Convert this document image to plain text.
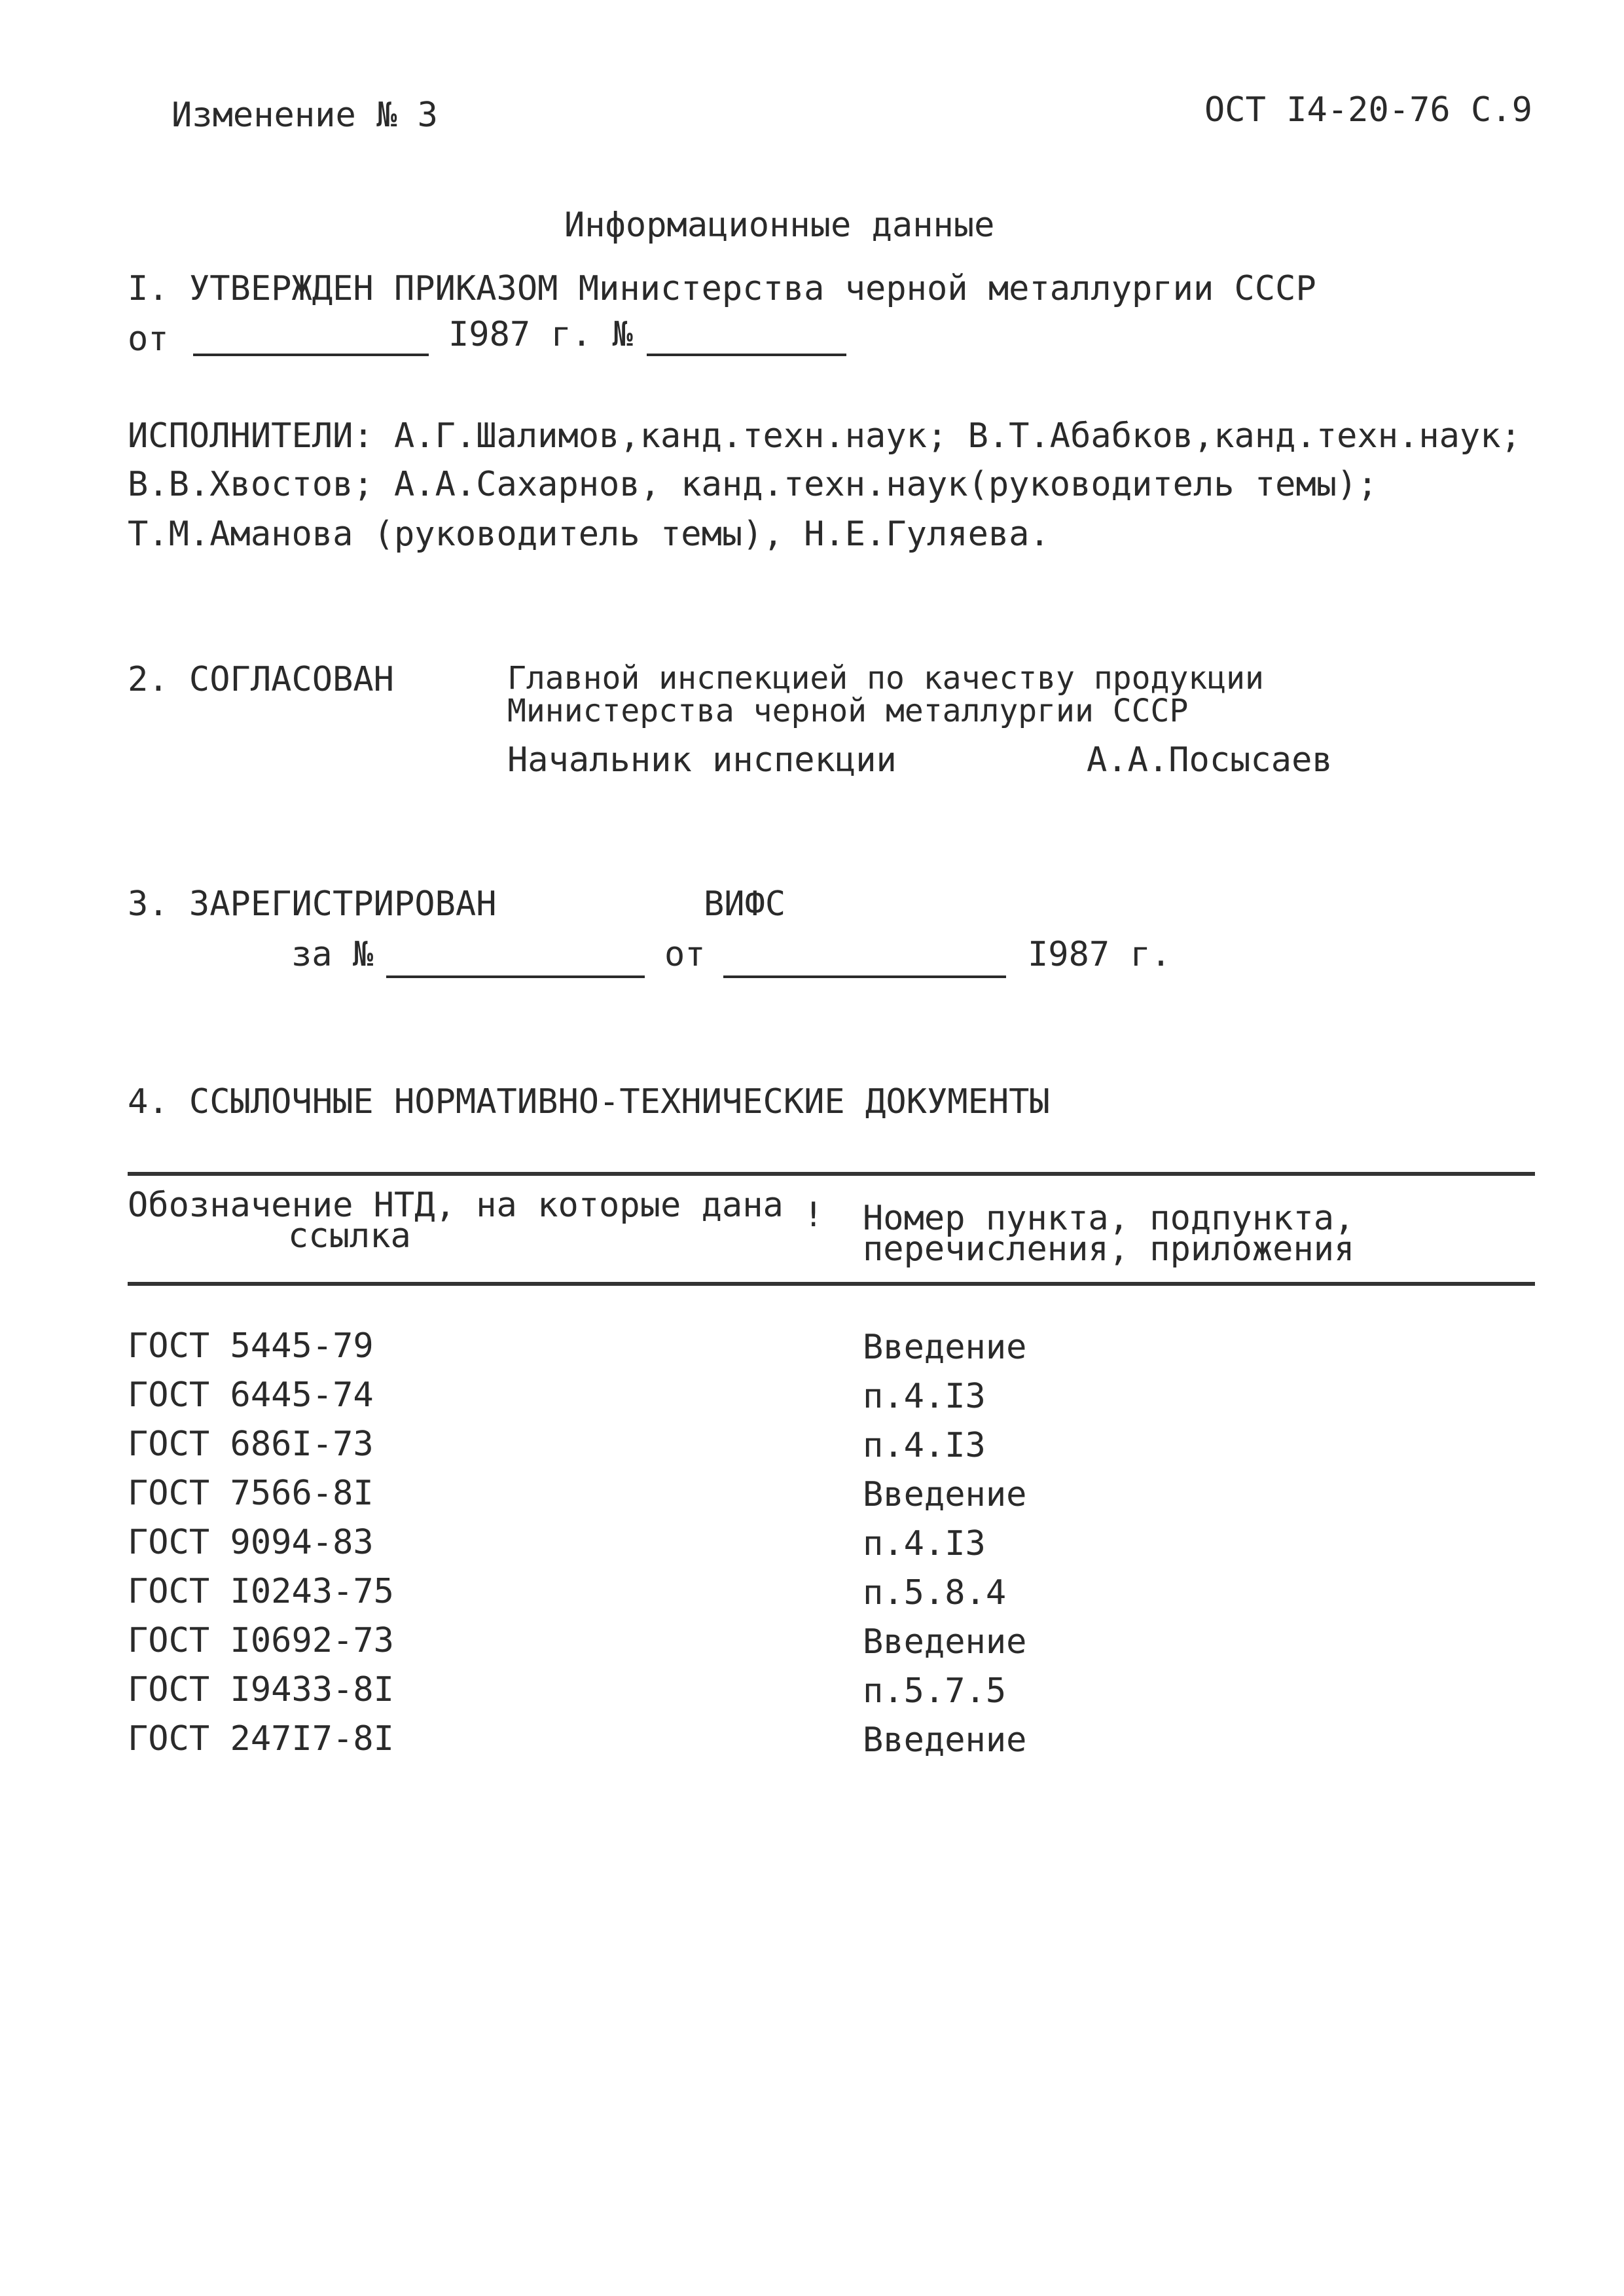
Изменение № 3	ОСТ I4-20-76 С.9
Информационные данные
I. УТВЕРЖДЕН ПРИКАЗОМ Министерства черной металлургии СССР
от	I987 г. №
ИСПОЛНИТЕЛИ: А.Г.Шалимов,канд.техн.наук; В.Т.Абабков,канд.техн.наук;
В.В.Хвостов; А.А.Сахарнов, канд.техн.наук(руководитель темы);
Т.М.Аманова (руководитель темы), Н.Е.Гуляева.
2. СОГЛАСОВАН	Главной инспекцией по качеству продукции
Министерства черной металлургии СССР
Начальник инспекции	А.А.Посысаев
3. ЗАРЕГИСТРИРОВАН	ВИФС
за №	от	I987 г.
4. ССЫЛОЧНЫЕ НОРМАТИВНО-ТЕХНИЧЕСКИЕ ДОКУМЕНТЫ
Обозначение НТД, на которые дана
ссылка
! Номер пункта, подпункта,
перечисления, приложения
ГОСТ 5445-79	Введение
ГОСТ 6445-74	п.4.I3
ГОСТ 686I-73	п.4.I3
ГОСТ 7566-8I	Введение
ГОСТ 9094-83	п.4.I3
ГОСТ I0243-75	п.5.8.4
ГОСТ I0692-73	Введение
ГОСТ I9433-8I	п.5.7.5
ГОСТ 247I7-8I	Введение
